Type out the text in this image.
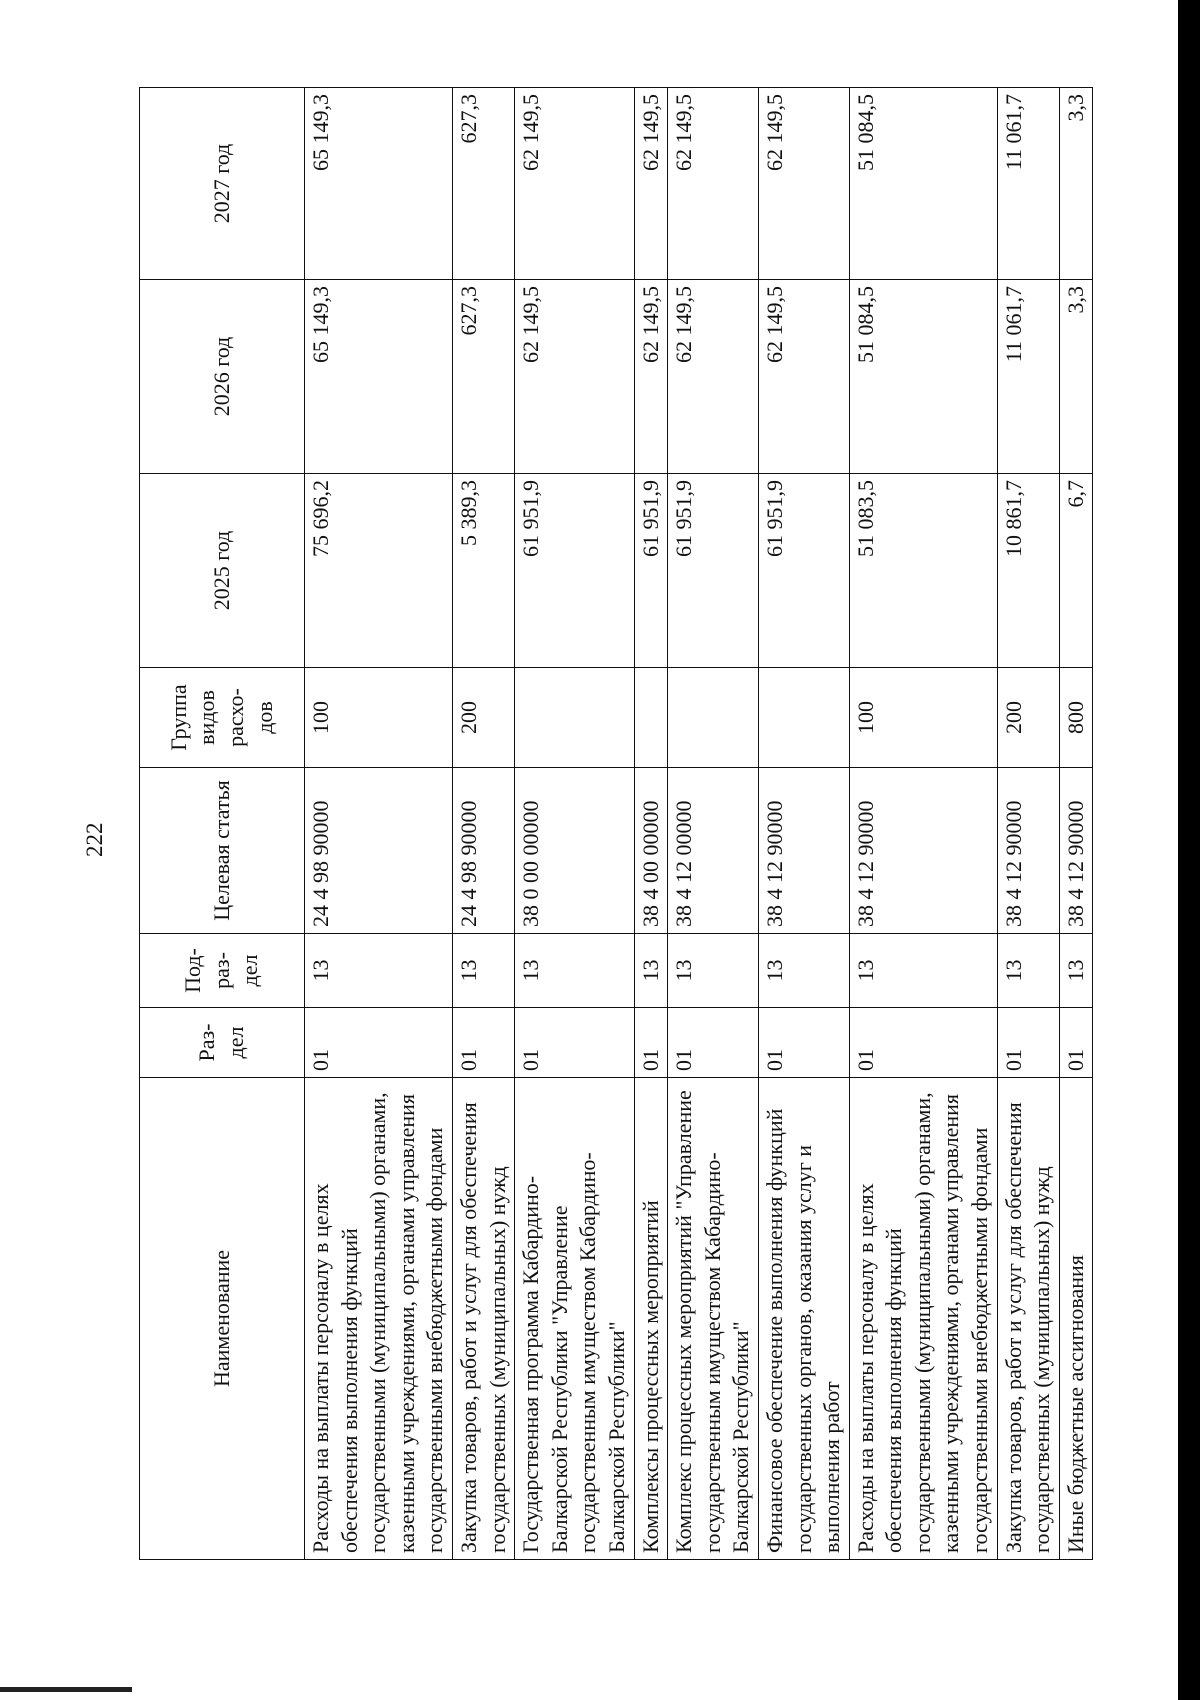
222
Наименование	Раз-дел	Под-раз-дел	Целевая статья	Группа видов расхо-дов	2025 год	2026 год	2027 год
Расходы на выплаты персоналу в целях обеспечения выполнения функций государственными (муниципальными) органами, казенными учреждениями, органами управления государственными внебюджетными фондами	01	13	24 4 98 90000	100	75 696,2	65 149,3	65 149,3
Закупка товаров, работ и услуг для обеспечения государственных (муниципальных) нужд	01	13	24 4 98 90000	200	5 389,3	627,3	627,3
Государственная программа Кабардино-Балкарской Республики "Управление государственным имуществом Кабардино-Балкарской Республики"	01	13	38 0 00 00000		61 951,9	62 149,5	62 149,5
Комплексы процессных мероприятий	01	13	38 4 00 00000		61 951,9	62 149,5	62 149,5
Комплекс процессных мероприятий "Управление государственным имуществом Кабардино-Балкарской Республики"	01	13	38 4 12 00000		61 951,9	62 149,5	62 149,5
Финансовое обеспечение выполнения функций государственных органов, оказания услуг и выполнения работ	01	13	38 4 12 90000		61 951,9	62 149,5	62 149,5
Расходы на выплаты персоналу в целях обеспечения выполнения функций государственными (муниципальными) органами, казенными учреждениями, органами управления государственными внебюджетными фондами	01	13	38 4 12 90000	100	51 083,5	51 084,5	51 084,5
Закупка товаров, работ и услуг для обеспечения государственных (муниципальных) нужд	01	13	38 4 12 90000	200	10 861,7	11 061,7	11 061,7
Иные бюджетные ассигнования	01	13	38 4 12 90000	800	6,7	3,3	3,3
